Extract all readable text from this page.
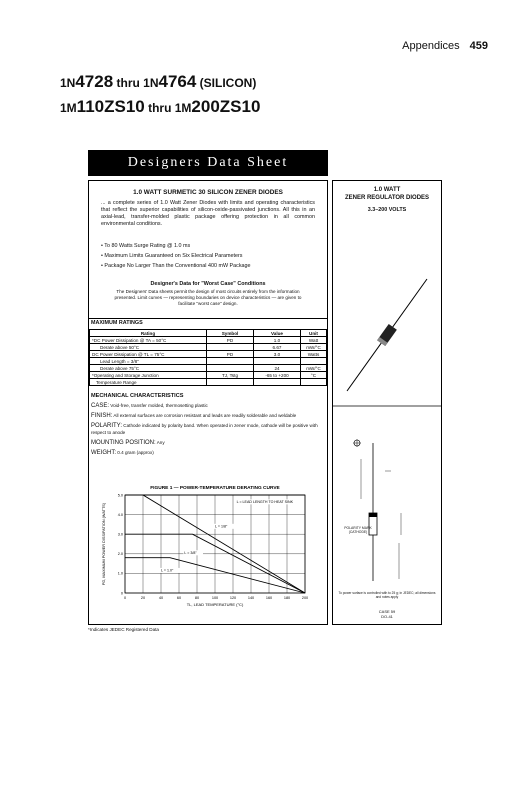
Appendices 459
1N4728 thru 1N4764 (SILICON)
1M110ZS10 thru 1M200ZS10
Designers Data Sheet
1.0 WATT SURMETIC 30 SILICON ZENER DIODES
... a complete series of 1.0 Watt Zener Diodes with limits and operating characteristics that reflect the superior capabilities of silicon-oxide-passivated junctions. All this in an axial-lead, transfer-molded plastic package offering protection in all common environmental conditions.
• To 80 Watts Surge Rating @ 1.0 ms
• Maximum Limits Guaranteed on Six Electrical Parameters
• Package No Larger Than the Conventional 400 mW Package
Designer's Data for "Worst Case" Conditions
The Designers' Data sheets permit the design of most circuits entirely from the information presented. Limit curves — representing boundaries on device characteristics — are given to facilitate "worst case" design.
MAXIMUM RATINGS
Rating	Symbol	Value	Unit
*DC Power Dissipation @ TA = 50°C	PD	1.0	Watt
Derate above 50°C		6.67	mW/°C
DC Power Dissipation @ TL = 75°C	PD	3.0	Watts
Lead Length = 3/8"			
Derate above 75°C		24	mW/°C
*Operating and Storage Junction	TJ, Tstg	-65 to +200	°C
Temperature Range			
MECHANICAL CHARACTERISTICS
CASE: Void-free, transfer molded, thermosetting plastic
FINISH: All external surfaces are corrosion resistant and leads are readily solderable and weldable
POLARITY: Cathode indicated by polarity band. When operated in zener mode, cathode will be positive with respect to anode
MOUNTING POSITION: Any
WEIGHT: 0.4 gram (approx)
FIGURE 1 — POWER-TEMPERATURE DERATING CURVE
0	20	40	60	80	100	120	140	160	180	200
0
1.0
2.0
3.0
4.0
5.0
TL, LEAD TEMPERATURE (°C)
PD, MAXIMUM POWER DISSIPATION (WATTS)
L = LEAD LENGTH TO HEAT SINK
L = 1/8"
L = 3/8"
L = 1.0"
*Indicates JEDEC Registered Data
1.0 WATT
ZENER REGULATOR DIODES
3.3–200 VOLTS
POLARITY MARK (CATHODE)
To power surface is controlled with to 25 g; in JEDEC; all dimensions and notes apply
CASE 59
DO-41
